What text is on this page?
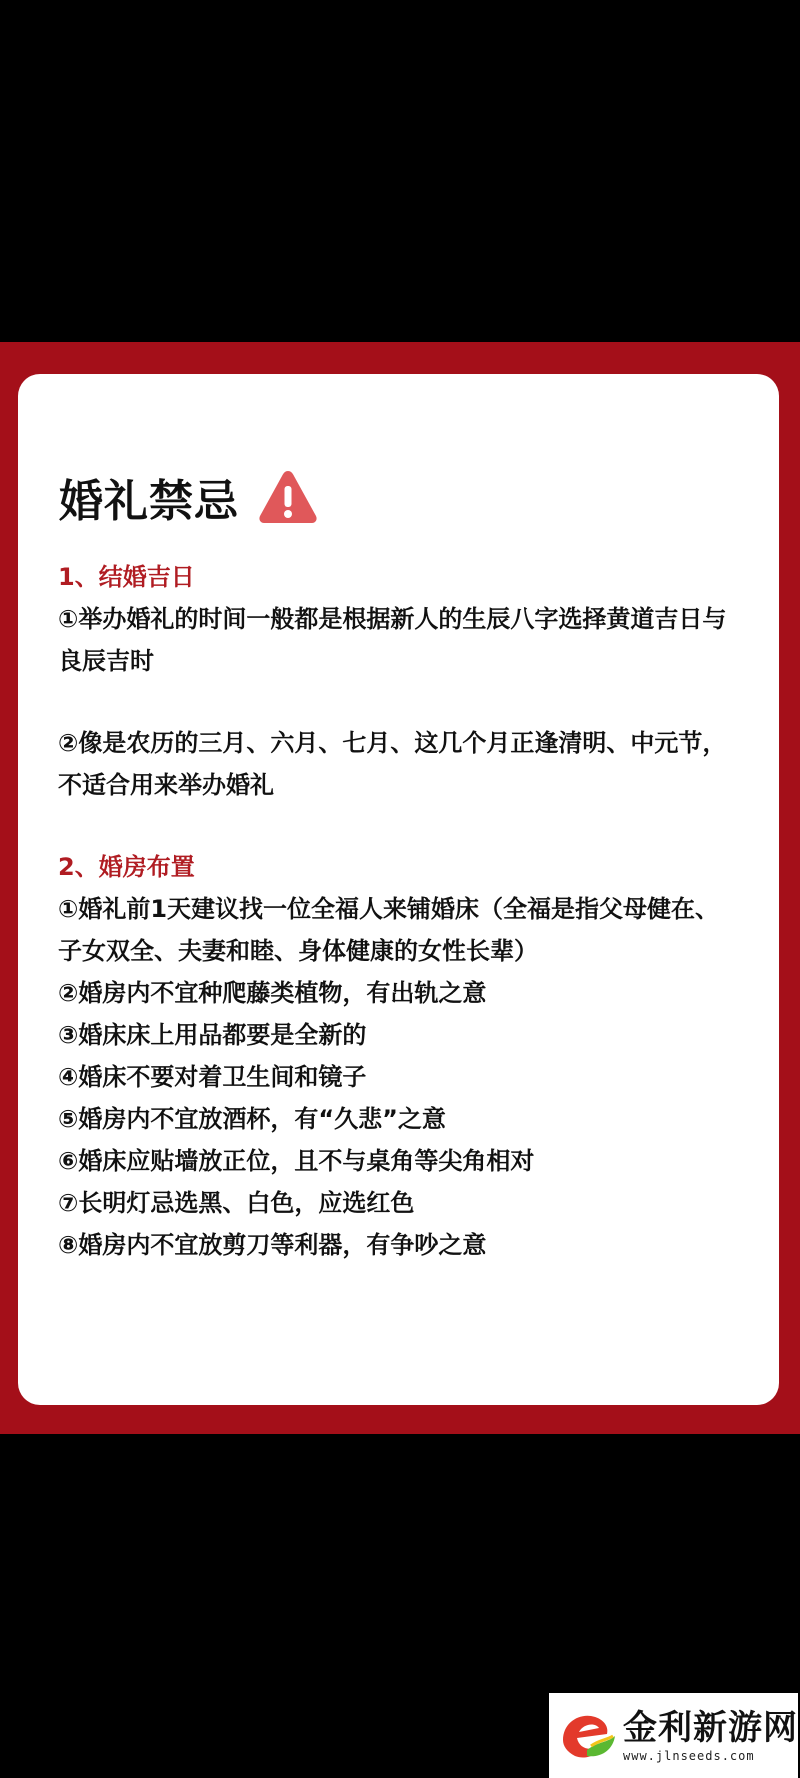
婚礼禁忌
1、结婚吉日
①举办婚礼的时间一般都是根据新人的生辰八字选择黄道吉日与良辰吉时
②像是农历的三月、六月、七月、这几个月正逢清明、中元节，不适合用来举办婚礼
2、婚房布置
①婚礼前1天建议找一位全福人来铺婚床（全福是指父母健在、子女双全、夫妻和睦、身体健康的女性长辈）
②婚房内不宜种爬藤类植物，有出轨之意
③婚床床上用品都要是全新的
④婚床不要对着卫生间和镜子
⑤婚房内不宜放酒杯，有“久悲”之意
⑥婚床应贴墙放正位，且不与桌角等尖角相对
⑦长明灯忌选黑、白色，应选红色
⑧婚房内不宜放剪刀等利器，有争吵之意
金利新游网
www.jlnseeds.com
